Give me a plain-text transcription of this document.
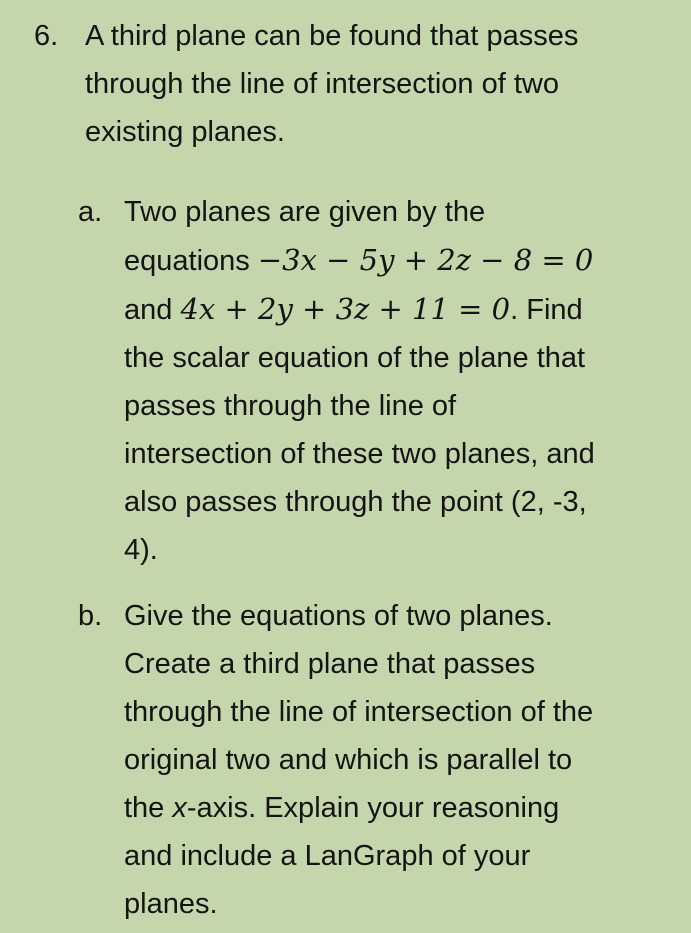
6. A third plane can be found that passes
through the line of intersection of two
existing planes.
a. Two planes are given by the
equations −3x − 5y + 2z − 8 = 0
and 4x + 2y + 3z + 11 = 0. Find
the scalar equation of the plane that
passes through the line of
intersection of these two planes, and
also passes through the point (2, -3,
4).
b. Give the equations of two planes.
Create a third plane that passes
through the line of intersection of the
original two and which is parallel to
the x-axis. Explain your reasoning
and include a LanGraph of your
planes.
